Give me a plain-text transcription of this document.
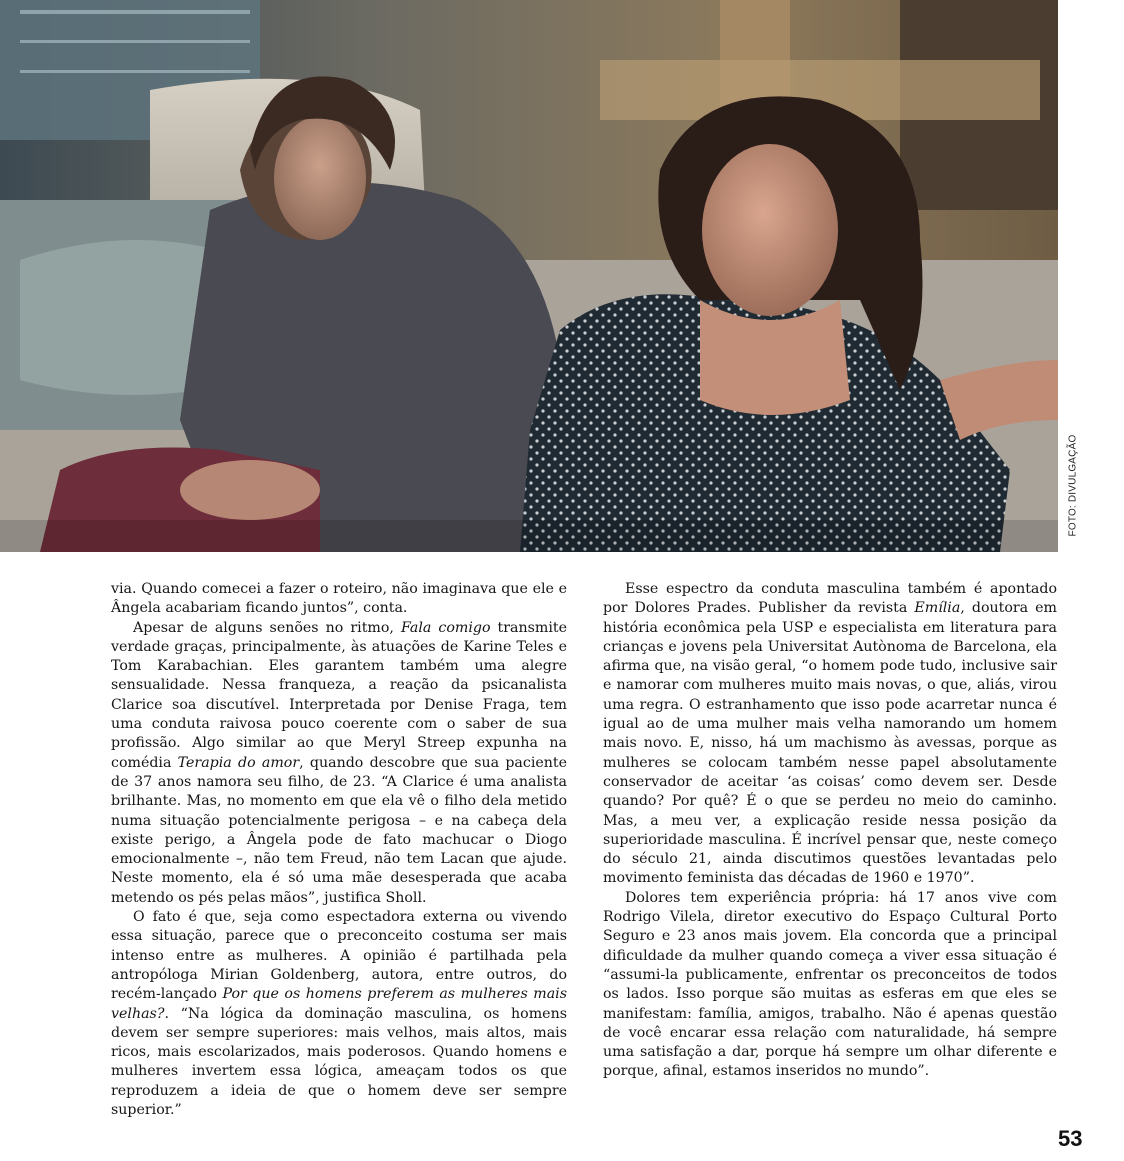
FOTO: DIVULGAÇÃO

via. Quando comecei a fazer o roteiro, não imaginava que ele e Ângela acabariam ficando juntos”, conta.

Apesar de alguns senões no ritmo, Fala comigo transmite verdade graças, principalmente, às atuações de Karine Teles e Tom Karabachian. Eles garantem também uma alegre sensualidade. Nessa franqueza, a reação da psicanalista Clarice soa discutível. Interpretada por Denise Fraga, tem uma conduta raivosa pouco coerente com o saber de sua profissão. Algo similar ao que Meryl Streep expunha na comédia Terapia do amor, quando descobre que sua paciente de 37 anos namora seu filho, de 23. “A Clarice é uma analista brilhante. Mas, no momento em que ela vê o filho dela metido numa situação potencialmente perigosa – e na cabeça dela existe perigo, a Ângela pode de fato machucar o Diogo emocionalmente –, não tem Freud, não tem Lacan que ajude. Neste momento, ela é só uma mãe desesperada que acaba metendo os pés pelas mãos”, justifica Sholl.

O fato é que, seja como espectadora externa ou vivendo essa situação, parece que o preconceito costuma ser mais intenso entre as mulheres. A opinião é partilhada pela antropóloga Mirian Goldenberg, autora, entre outros, do recém-lançado Por que os homens preferem as mulheres mais velhas?. “Na lógica da dominação masculina, os homens devem ser sempre superiores: mais velhos, mais altos, mais ricos, mais escolarizados, mais poderosos. Quando homens e mulheres invertem essa lógica, ameaçam todos os que reproduzem a ideia de que o homem deve ser sempre superior.”

Esse espectro da conduta masculina também é apontado por Dolores Prades. Publisher da revista Emília, doutora em história econômica pela USP e especialista em literatura para crianças e jovens pela Universitat Autònoma de Barcelona, ela afirma que, na visão geral, “o homem pode tudo, inclusive sair e namorar com mulheres muito mais novas, o que, aliás, virou uma regra. O estranhamento que isso pode acarretar nunca é igual ao de uma mulher mais velha namorando um homem mais novo. E, nisso, há um machismo às avessas, porque as mulheres se colocam também nesse papel absolutamente conservador de aceitar ‘as coisas’ como devem ser. Desde quando? Por quê? É o que se perdeu no meio do caminho. Mas, a meu ver, a explicação reside nessa posição da superioridade masculina. É incrível pensar que, neste começo do século 21, ainda discutimos questões levantadas pelo movimento feminista das décadas de 1960 e 1970”.

Dolores tem experiência própria: há 17 anos vive com Rodrigo Vilela, diretor executivo do Espaço Cultural Porto Seguro e 23 anos mais jovem. Ela concorda que a principal dificuldade da mulher quando começa a viver essa situação é “assumi-la publicamente, enfrentar os preconceitos de todos os lados. Isso porque são muitas as esferas em que eles se manifestam: família, amigos, trabalho. Não é apenas questão de você encarar essa relação com naturalidade, há sempre uma satisfação a dar, porque há sempre um olhar diferente e porque, afinal, estamos inseridos no mundo”.

53
